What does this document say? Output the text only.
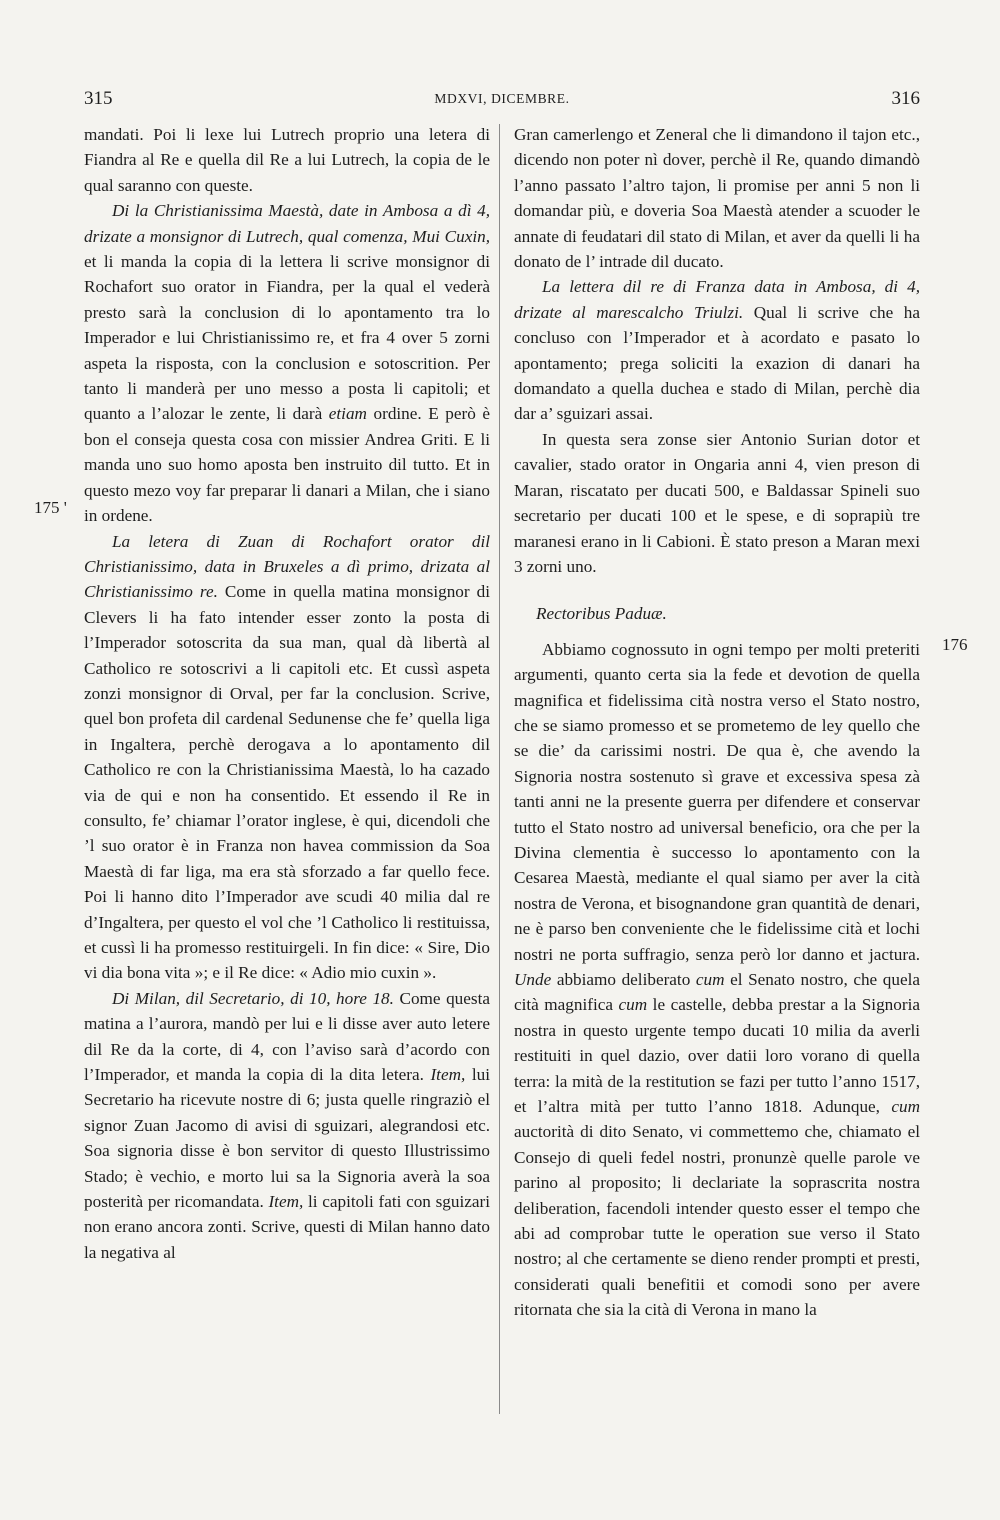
315	MDXVI, DICEMBRE.	316
175 '
176

mandati. Poi li lexe lui Lutrech proprio una letera di Fiandra al Re e quella dil Re a lui Lutrech, la copia de le qual saranno con queste.

Di la Christianissima Maestà, date in Ambosa a dì 4, drizate a monsignor di Lutrech, qual comenza, Mui Cuxin, et li manda la copia di la lettera li scrive monsignor di Rochafort suo orator in Fiandra, per la qual el vederà presto sarà la conclusion di lo apontamento tra lo Imperador e lui Christianissimo re, et fra 4 over 5 zorni aspeta la risposta, con la conclusion e sotoscrition. Per tanto li manderà per uno messo a posta li capitoli; et quanto a l’alozar le zente, li darà etiam ordine. E però è bon el conseja questa cosa con missier Andrea Griti. E li manda uno suo homo aposta ben instruito dil tutto. Et in questo mezo voy far preparar li danari a Milan, che i siano in ordene.

La letera di Zuan di Rochafort orator dil Christianissimo, data in Bruxeles a dì primo, drizata al Christianissimo re. Come in quella matina monsignor di Clevers li ha fato intender esser zonto la posta di l’Imperador sotoscrita da sua man, qual dà libertà al Catholico re sotoscrivi a li capitoli etc. Et cussì aspeta zonzi monsignor di Orval, per far la conclusion. Scrive, quel bon profeta dil cardenal Sedunense che fe’ quella liga in Ingaltera, perchè derogava a lo apontamento dil Catholico re con la Christianissima Maestà, lo ha cazado via de qui e non ha consentido. Et essendo il Re in consulto, fe’ chiamar l’orator inglese, è qui, dicendoli che ’l suo orator è in Franza non havea commission da Soa Maestà di far liga, ma era stà sforzado a far quello fece. Poi li hanno dito l’Imperador ave scudi 40 milia dal re d’Ingaltera, per questo el vol che ’l Catholico li restituissa, et cussì li ha promesso restituirgeli. In fin dice: « Sire, Dio vi dia bona vita »; e il Re dice: « Adio mio cuxin ».

Di Milan, dil Secretario, di 10, hore 18. Come questa matina a l’aurora, mandò per lui e li disse aver auto letere dil Re da la corte, di 4, con l’aviso sarà d’acordo con l’Imperador, et manda la copia di la dita letera. Item, lui Secretario ha ricevute nostre di 6; justa quelle ringraziò el signor Zuan Jacomo di avisi di sguizari, alegrandosi etc. Soa signoria disse è bon servitor di questo Illustrissimo Stado; è vechio, e morto lui sa la Signoria averà la soa posterità per ricomandata. Item, li capitoli fati con sguizari non erano ancora zonti. Scrive, questi di Milan hanno dato la negativa al

Gran camerlengo et Zeneral che li dimandono il tajon etc., dicendo non poter nì dover, perchè il Re, quando dimandò l’anno passato l’altro tajon, li promise per anni 5 non li domandar più, e doveria Soa Maestà atender a scuoder le annate di feudatari dil stato di Milan, et aver da quelli li ha donato de l’ intrade dil ducato.

La lettera dil re di Franza data in Ambosa, di 4, drizate al marescalcho Triulzi. Qual li scrive che ha concluso con l’Imperador et à acordato e pasato lo apontamento; prega soliciti la exazion di danari ha domandato a quella duchea e stado di Milan, perchè dia dar a’ sguizari assai.

In questa sera zonse sier Antonio Surian dotor et cavalier, stado orator in Ongaria anni 4, vien preson di Maran, riscatato per ducati 500, e Baldassar Spineli suo secretario per ducati 100 et le spese, e di soprapiù tre maranesi erano in li Cabioni. È stato preson a Maran mexi 3 zorni uno.

Rectoribus Paduæ.

Abbiamo cognossuto in ogni tempo per molti preteriti argumenti, quanto certa sia la fede et devotion de quella magnifica et fidelissima cità nostra verso el Stato nostro, che se siamo promesso et se prometemo de ley quello che se die’ da carissimi nostri. De qua è, che avendo la Signoria nostra sostenuto sì grave et excessiva spesa zà tanti anni ne la presente guerra per difendere et conservar tutto el Stato nostro ad universal beneficio, ora che per la Divina clementia è successo lo apontamento con la Cesarea Maestà, mediante el qual siamo per aver la cità nostra de Verona, et bisognandone gran quantità de denari, ne è parso ben conveniente che le fidelissime cità et lochi nostri ne porta suffragio, senza però lor danno et jactura. Unde abbiamo deliberato cum el Senato nostro, che quela cità magnifica cum le castelle, debba prestar a la Signoria nostra in questo urgente tempo ducati 10 milia da averli restituiti in quel dazio, over datii loro vorano di quella terra: la mità de la restitution se fazi per tutto l’anno 1517, et l’altra mità per tutto l’anno 1818. Adunque, cum auctorità di dito Senato, vi commettemo che, chiamato el Consejo di queli fedel nostri, pronunzè quelle parole ve parino al proposito; li declariate la soprascrita nostra deliberation, facendoli intender questo esser el tempo che abi ad comprobar tutte le operation sue verso il Stato nostro; al che certamente se dieno render prompti et presti, considerati quali benefitii et comodi sono per avere ritornata che sia la cità di Verona in mano la
